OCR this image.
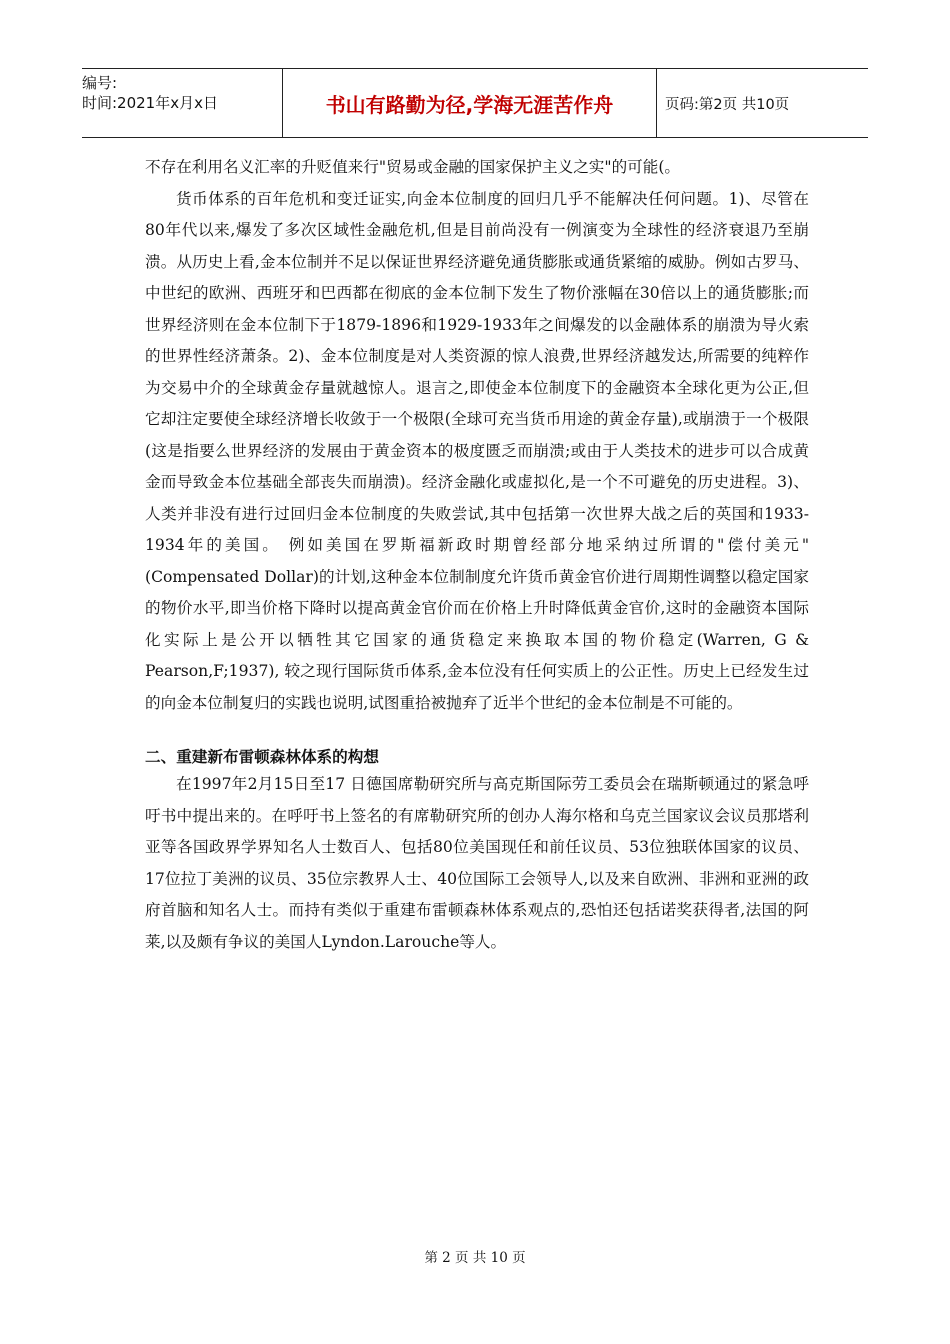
编号:
时间:2021年x月x日	书山有路勤为径,学海无涯苦作舟	页码:第2页 共10页

不存在利用名义汇率的升贬值来行"贸易或金融的国家保护主义之实"的可能(。

货币体系的百年危机和变迁证实,向金本位制度的回归几乎不能解决任何问题。1)、尽管在80年代以来,爆发了多次区域性金融危机,但是目前尚没有一例演变为全球性的经济衰退乃至崩溃。从历史上看,金本位制并不足以保证世界经济避免通货膨胀或通货紧缩的威胁。例如古罗马、中世纪的欧洲、西班牙和巴西都在彻底的金本位制下发生了物价涨幅在30倍以上的通货膨胀;而世界经济则在金本位制下于1879-1896和1929-1933年之间爆发的以金融体系的崩溃为导火索的世界性经济萧条。2)、金本位制度是对人类资源的惊人浪费,世界经济越发达,所需要的纯粹作为交易中介的全球黄金存量就越惊人。退言之,即使金本位制度下的金融资本全球化更为公正,但它却注定要使全球经济增长收敛于一个极限(全球可充当货币用途的黄金存量),或崩溃于一个极限(这是指要么世界经济的发展由于黄金资本的极度匮乏而崩溃;或由于人类技术的进步可以合成黄金而导致金本位基础全部丧失而崩溃)。经济金融化或虚拟化,是一个不可避免的历史进程。3)、人类并非没有进行过回归金本位制度的失败尝试,其中包括第一次世界大战之后的英国和1933-1934年的美国。 例如美国在罗斯福新政时期曾经部分地采纳过所谓的"偿付美元"(Compensated Dollar)的计划,这种金本位制制度允许货币黄金官价进行周期性调整以稳定国家的物价水平,即当价格下降时以提高黄金官价而在价格上升时降低黄金官价,这时的金融资本国际化实际上是公开以牺牲其它国家的通货稳定来换取本国的物价稳定(Warren, G & Pearson,F;1937), 较之现行国际货币体系,金本位没有任何实质上的公正性。历史上已经发生过的向金本位制复归的实践也说明,试图重拾被抛弃了近半个世纪的金本位制是不可能的。

二、重建新布雷顿森林体系的构想

在1997年2月15日至17 日德国席勒研究所与高克斯国际劳工委员会在瑞斯顿通过的紧急呼吁书中提出来的。在呼吁书上签名的有席勒研究所的创办人海尔格和乌克兰国家议会议员那塔利亚等各国政界学界知名人士数百人、包括80位美国现任和前任议员、53位独联体国家的议员、17位拉丁美洲的议员、35位宗教界人士、40位国际工会领导人,以及来自欧洲、非洲和亚洲的政府首脑和知名人士。而持有类似于重建布雷顿森林体系观点的,恐怕还包括诺奖获得者,法国的阿莱,以及颇有争议的美国人Lyndon.Larouche等人。

第 2 页 共 10 页
